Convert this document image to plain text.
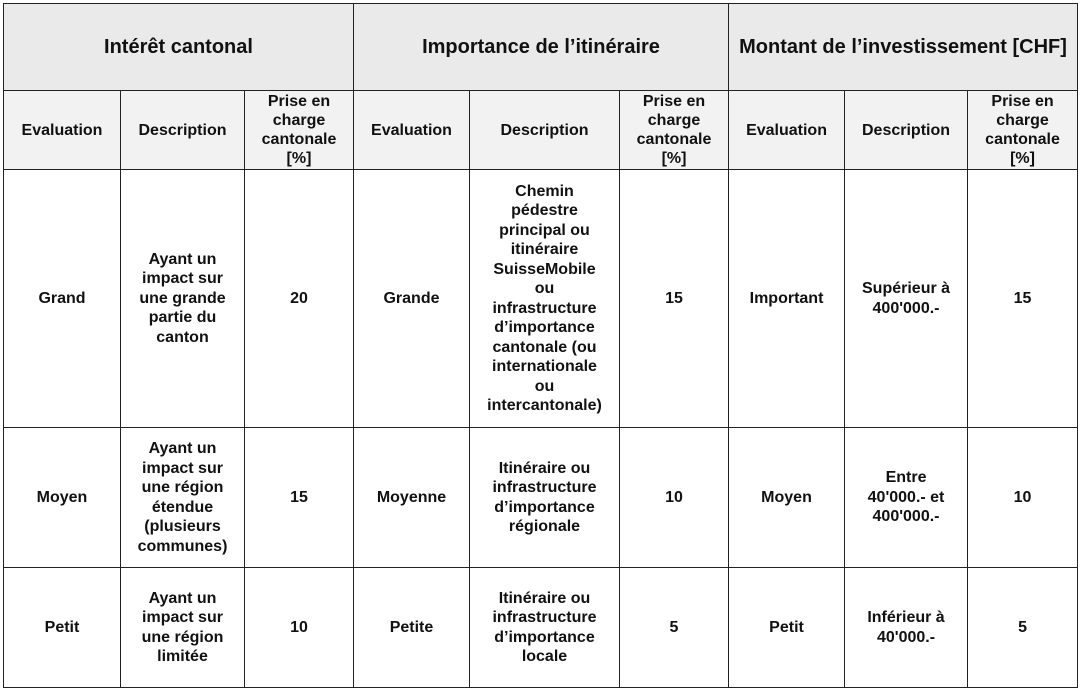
Intérêt cantonal			Importance de l’itinéraire			Montant de l’investissement [CHF]		
Evaluation	Description	Prise en charge cantonale [%]	Evaluation	Description	Prise en charge cantonale [%]	Evaluation	Description	Prise en charge cantonale [%]
Grand	Ayant un impact sur une grande partie du canton	20	Grande	Chemin pédestre principal ou itinéraire SuisseMobile ou infrastructure d’importance cantonale (ou internationale ou intercantonale)	15	Important	Supérieur à 400'000.-	15
Moyen	Ayant un impact sur une région étendue (plusieurs communes)	15	Moyenne	Itinéraire ou infrastructure d’importance régionale	10	Moyen	Entre 40'000.- et 400'000.-	10
Petit	Ayant un impact sur une région limitée	10	Petite	Itinéraire ou infrastructure d’importance locale	5	Petit	Inférieur à 40'000.-	5
